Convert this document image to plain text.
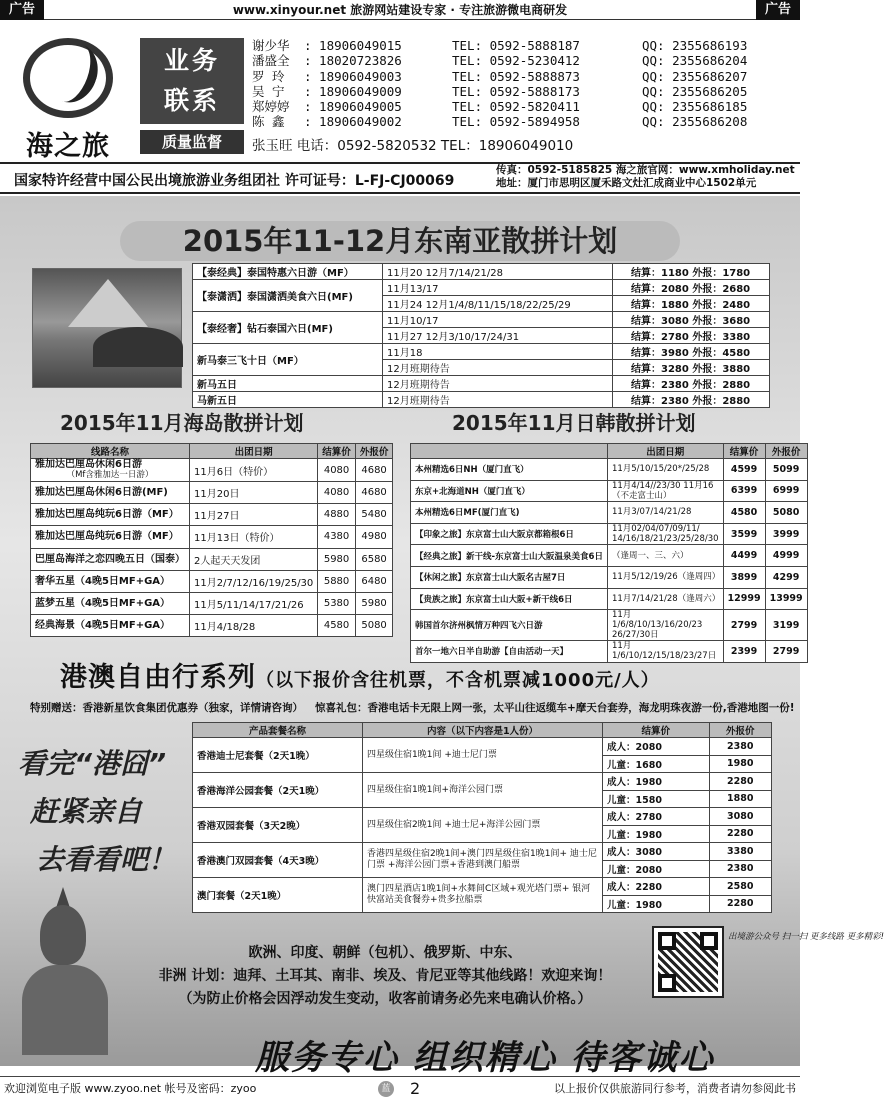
广告	www.xinyour.net 旅游网站建设专家 · 专注旅游微电商研发	广告
海之旅
业务
联系
质量监督
谢少华	: 18906049015	TEL: 0592-5888187	QQ: 2355686193
潘盛全	: 18020723826	TEL: 0592-5230412	QQ: 2355686204
罗 玲	: 18906049003	TEL: 0592-5888873	QQ: 2355686207
吴 宁	: 18906049009	TEL: 0592-5888173	QQ: 2355686205
郑婷婷	: 18906049005	TEL: 0592-5820411	QQ: 2355686185
陈 鑫	: 18906049002	TEL: 0592-5894958	QQ: 2355686208
张玉旺 电话：0592-5820532 TEL：18906049010
国家特许经营中国公民出境旅游业务组团社 许可证号：L-FJ-CJ00069
传真：0592-5185825 海之旅官网：www.xmholiday.net
地址：厦门市思明区厦禾路文灶汇成商业中心1502单元
2015年11-12月东南亚散拼计划
【泰经典】泰国特惠六日游（MF）	11月20 12月7/14/21/28	结算：1180 外报：1780
【泰潇洒】泰国潇洒美食六日(MF)	11月13/17	结算：2080 外报：2680
	11月24 12月1/4/8/11/15/18/22/25/29	结算：1880 外报：2480
【泰经奢】钻石泰国六日(MF)	11月10/17	结算：3080 外报：3680
	11月27 12月3/10/17/24/31	结算：2780 外报：3380
新马泰三飞十日（MF）	11月18	结算：3980 外报：4580
	12月班期待告	结算：3280 外报：3880
新马五日	12月班期待告	结算：2380 外报：2880
马新五日	12月班期待告	结算：2380 外报：2880
2015年11月海岛散拼计划	2015年11月日韩散拼计划
线路名称	出团日期	结算价	外报价

雅加达巴厘岛休闲6日游
（Mf含雅加达一日游）	11月6日（特价）	4080	4680

雅加达巴厘岛休闲6日游(MF)	11月20日	4080	4680

雅加达巴厘岛纯玩6日游（MF）	11月27日	4880	5480

雅加达巴厘岛纯玩6日游（MF）	11月13日（特价）	4380	4980

巴厘岛海洋之恋四晚五日（国泰）	2人起天天发团	5980	6580

奢华五星（4晚5日MF+GA）	11月2/7/12/16/19/25/30	5880	6480

蓝梦五星（4晚5日MF+GA）	11月5/11/14/17/21/26	5380	5980

经典海景（4晚5日MF+GA）	11月4/18/28	4580	5080
	出团日期	结算价	外报价
本州精选6日NH（厦门直飞）	11月5/10/15/20*/25/28	4599	5099
东京+北海道NH（厦门直飞）	11月4/14//23/30 11月16（不走富士山）	6399	6999
本州精选6日MF(厦门直飞)	11月3/07/14/21/28	4580	5080
【印象之旅】东京富士山大阪京都箱根6日	11月02/04/07/09/11/ 14/16/18/21/23/25/28/30	3599	3999
【经典之旅】新干线-东京富士山大阪温泉美食6日	（逢周一、三、六）	4499	4999
【休闲之旅】东京富士山大阪名古屋7日	11月5/12/19/26（逢周四）	3899	4299
【贵族之旅】东京富士山大阪+新干线6日	11月7/14/21/28（逢周六）	12999	13999
韩国首尔济州枫情万种四飞六日游	11月1/6/8/10/13/16/20/23 26/27/30日	2799	3199
首尔一地六日半自助游【自由活动一天】	11月1/6/10/12/15/18/23/27日	2399	2799
港澳自由行系列（以下报价含往机票，不含机票减1000元/人）
特别赠送：香港新星饮食集团优惠券（独家，详情请咨询） 惊喜礼包：香港电话卡无限上网一张，太平山往返缆车+摩天台套券，海龙明珠夜游一份,香港地图一份!
看完“港囧”
赶紧亲自
去看看吧！
产品套餐名称	内容（以下内容是1人份）	结算价	外报价
香港迪士尼套餐（2天1晚）	四星级住宿1晚1间 +迪士尼门票	成人：2080	2380
		儿童：1680	1980
香港海洋公园套餐（2天1晚）	四星级住宿1晚1间+海洋公园门票	成人：1980	2280
		儿童：1580	1880
香港双园套餐（3天2晚）	四星级住宿2晚1间 +迪士尼+海洋公园门票	成人：2780	3080
		儿童：1980	2280
香港澳门双园套餐（4天3晚）	香港四星级住宿2晚1间+澳门四星级住宿1晚1间+ 迪士尼门票 +海洋公园门票+香港到澳门船票	成人：3080	3380
		儿童：2080	2380
澳门套餐（2天1晚）	澳门四星酒店1晚1间+水舞间C区域+观光塔门票+ 银河快富站美食餐券+贵多拉船票	成人：2280	2580
		儿童：1980	2280
欧洲、印度、朝鲜（包机）、俄罗斯、中东、
非洲 计划：迪拜、土耳其、南非、埃及、肯尼亚等其他线路！欢迎来询！
（为防止价格会因浮动发生变动，收客前请务必先来电确认价格。）
出境游公众号 扫一扫 更多线路 更多精彩!
服务专心 组织精心 待客诚心
欢迎浏览电子版 www.zyoo.net 帐号及密码：zyoo	蓝 2	以上报价仅供旅游同行参考，消费者请勿参阅此书
